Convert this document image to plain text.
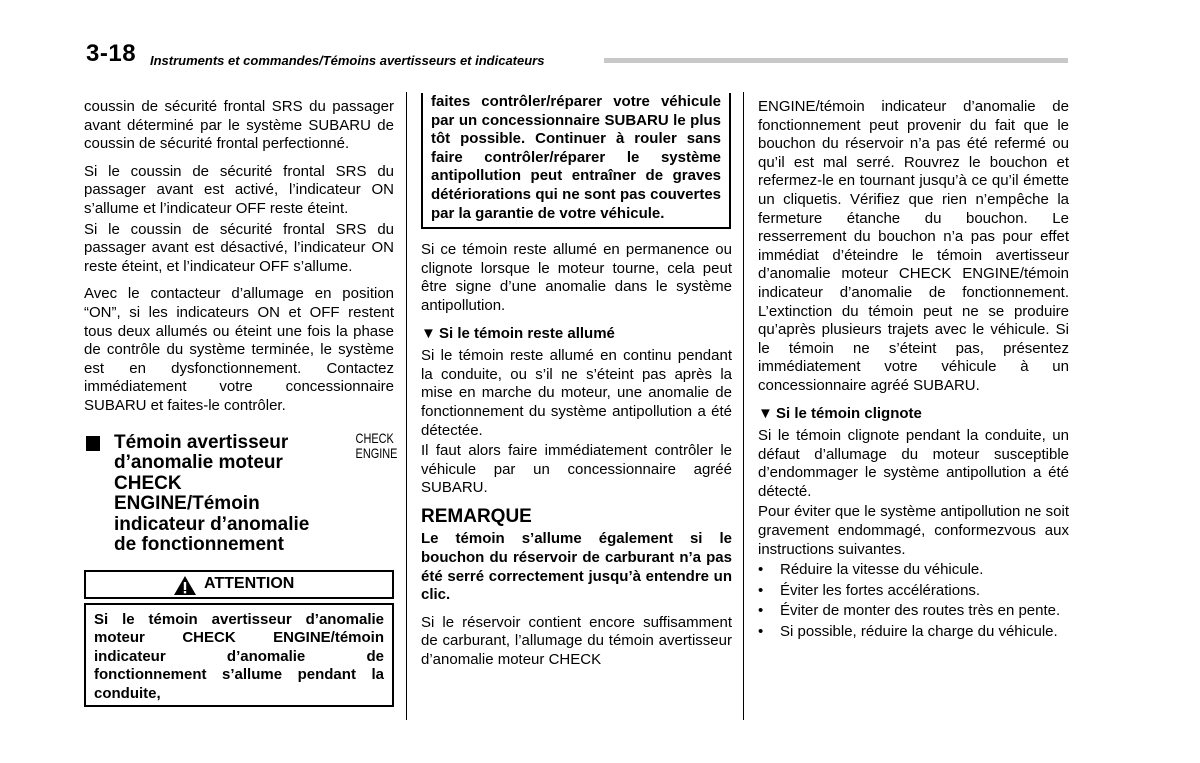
3-18 Instruments et commandes/Témoins avertisseurs et indicateurs

coussin de sécurité frontal SRS du passager avant déterminé par le système SUBARU de coussin de sécurité frontal perfectionné.

Si le coussin de sécurité frontal SRS du passager avant est activé, l’indicateur ON s’allume et l’indicateur OFF reste éteint.

Si le coussin de sécurité frontal SRS du passager avant est désactivé, l’indicateur ON reste éteint, et l’indicateur OFF s’allume.

Avec le contacteur d’allumage en position “ON”, si les indicateurs ON et OFF restent tous deux allumés ou éteint une fois la phase de contrôle du système terminée, le système est en dysfonctionnement. Contactez immédiatement votre concessionnaire SUBARU et faites-le contrôler.

Témoin avertisseur d’anomalie moteur CHECK ENGINE/Témoin indicateur d’anomalie de fonctionnement
CHECK
ENGINE
ATTENTION
Si le témoin avertisseur d’anomalie moteur CHECK ENGINE/témoin indicateur d’anomalie de fonctionnement s’allume pendant la conduite,
faites contrôler/réparer votre véhicule par un concessionnaire SUBARU le plus tôt possible. Continuer à rouler sans faire contrôler/réparer le système antipollution peut entraîner de graves détériorations qui ne sont pas couvertes par la garantie de votre véhicule.

Si ce témoin reste allumé en permanence ou clignote lorsque le moteur tourne, cela peut être signe d’une anomalie dans le système antipollution.

▼ Si le témoin reste allumé

Si le témoin reste allumé en continu pendant la conduite, ou s’il ne s’éteint pas après la mise en marche du moteur, une anomalie de fonctionnement du système antipollution a été détectée.

Il faut alors faire immédiatement contrôler le véhicule par un concessionnaire agréé SUBARU.

REMARQUE

Le témoin s’allume également si le bouchon du réservoir de carburant n’a pas été serré correctement jusqu’à entendre un clic.

Si le réservoir contient encore suffisamment de carburant, l’allumage du témoin avertisseur d’anomalie moteur CHECK

ENGINE/témoin indicateur d’anomalie de fonctionnement peut provenir du fait que le bouchon du réservoir n’a pas été refermé ou qu’il est mal serré. Rouvrez le bouchon et refermez-le en tournant jusqu’à ce qu’il émette un cliquetis. Vérifiez que rien n’empêche la fermeture étanche du bouchon. Le resserrement du bouchon n’a pas pour effet immédiat d’éteindre le témoin avertisseur d’anomalie moteur CHECK ENGINE/témoin indicateur d’anomalie de fonctionnement. L’extinction du témoin peut ne se produire qu’après plusieurs trajets avec le véhicule. Si le témoin ne s’éteint pas, présentez immédiatement votre véhicule à un concessionnaire agréé SUBARU.

▼ Si le témoin clignote

Si le témoin clignote pendant la conduite, un défaut d’allumage du moteur susceptible d’endommager le système antipollution a été détecté.

Pour éviter que le système antipollution ne soit gravement endommagé, conformezvous aux instructions suivantes.

• Réduire la vitesse du véhicule.
• Éviter les fortes accélérations.
• Éviter de monter des routes très en pente.
• Si possible, réduire la charge du véhicule.
